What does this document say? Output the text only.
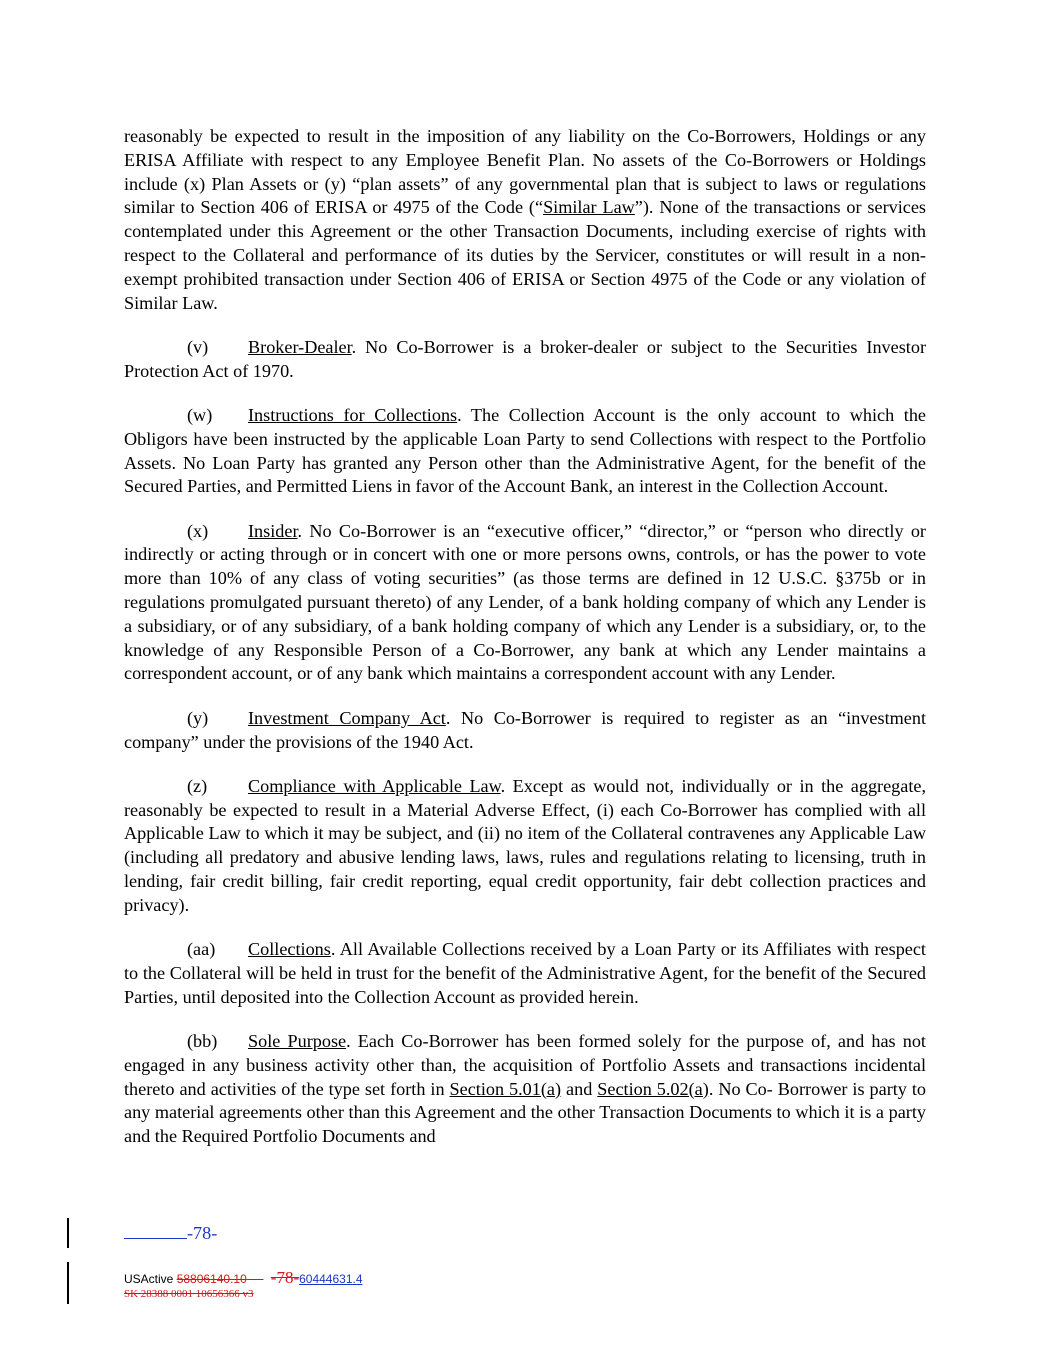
reasonably be expected to result in the imposition of any liability on the Co-Borrowers, Holdings or any ERISA Affiliate with respect to any Employee Benefit Plan. No assets of the Co-Borrowers or Holdings include (x) Plan Assets or (y) “plan assets” of any governmental plan that is subject to laws or regulations similar to Section 406 of ERISA or 4975 of the Code (“Similar Law”). None of the transactions or services contemplated under this Agreement or the other Transaction Documents, including exercise of rights with respect to the Collateral and performance of its duties by the Servicer, constitutes or will result in a non-exempt prohibited transaction under Section 406 of ERISA or Section 4975 of the Code or any violation of Similar Law.

(v) Broker-Dealer. No Co-Borrower is a broker-dealer or subject to the Securities Investor Protection Act of 1970.

(w) Instructions for Collections. The Collection Account is the only account to which the Obligors have been instructed by the applicable Loan Party to send Collections with respect to the Portfolio Assets. No Loan Party has granted any Person other than the Administrative Agent, for the benefit of the Secured Parties, and Permitted Liens in favor of the Account Bank, an interest in the Collection Account.

(x) Insider. No Co-Borrower is an “executive officer,” “director,” or “person who directly or indirectly or acting through or in concert with one or more persons owns, controls, or has the power to vote more than 10% of any class of voting securities” (as those terms are defined in 12 U.S.C. §375b or in regulations promulgated pursuant thereto) of any Lender, of a bank holding company of which any Lender is a subsidiary, or of any subsidiary, of a bank holding company of which any Lender is a subsidiary, or, to the knowledge of any Responsible Person of a Co-Borrower, any bank at which any Lender maintains a correspondent account, or of any bank which maintains a correspondent account with any Lender.

(y) Investment Company Act. No Co-Borrower is required to register as an “investment company” under the provisions of the 1940 Act.

(z) Compliance with Applicable Law. Except as would not, individually or in the aggregate, reasonably be expected to result in a Material Adverse Effect, (i) each Co-Borrower has complied with all Applicable Law to which it may be subject, and (ii) no item of the Collateral contravenes any Applicable Law (including all predatory and abusive lending laws, laws, rules and regulations relating to licensing, truth in lending, fair credit billing, fair credit reporting, equal credit opportunity, fair debt collection practices and privacy).

(aa) Collections. All Available Collections received by a Loan Party or its Affiliates with respect to the Collateral will be held in trust for the benefit of the Administrative Agent, for the benefit of the Secured Parties, until deposited into the Collection Account as provided herein.

(bb) Sole Purpose. Each Co-Borrower has been formed solely for the purpose of, and has not engaged in any business activity other than, the acquisition of Portfolio Assets and transactions incidental thereto and activities of the type set forth in Section 5.01(a) and Section 5.02(a). No Co- Borrower is party to any material agreements other than this Agreement and the other Transaction Documents to which it is a party and the Required Portfolio Documents and

-78-
USActive 58806140.10 -78-60444631.4
SK 28388 0001 10656366 v3
